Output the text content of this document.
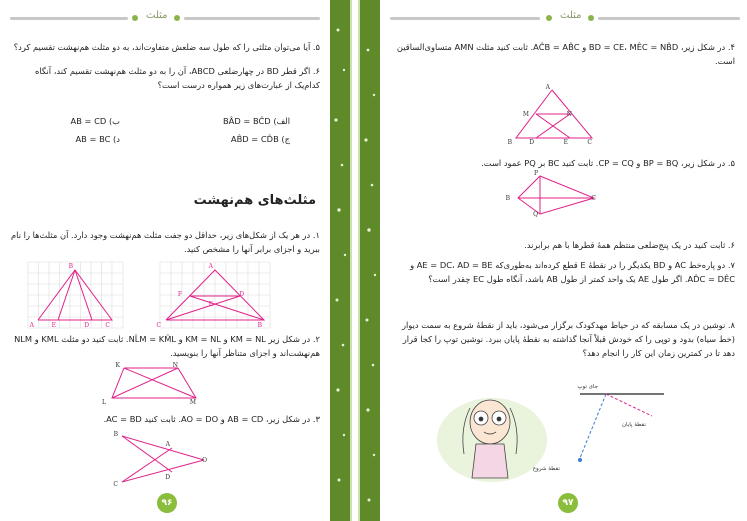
مثلث
۵. آیا می‌توان مثلثی را که طول سه ضلعش متفاوت‌اند، به دو مثلث هم‌نهشت تقسیم کرد؟
۶. اگر قطر BD در چهارضلعی ABCD، آن را به دو مثلث هم‌نهشت تقسیم کند، آنگاه کدام‌یک از عبارت‌های زیر همواره درست است؟
الف) BÂD = BĈD
ب) AB = CD
ج) AB̂D = CD̂B
د) AB = BC
مثلث‌های هم‌نهشت
۱. در هر یک از شکل‌های زیر، حداقل دو جفت مثلث هم‌نهشت وجود دارد. آن مثلث‌ها را نام ببرید و اجزای برابر آنها را مشخص کنید.
B
A	E	D	C
A
F	D
C
E
B
۲. در شکل زیر KM = NL و KM = NL و NL̂M = KM̂L. ثابت کنید دو مثلث KML و NLM هم‌نهشت‌اند و اجزای متناظر آنها را بنویسید.
K	N
L	M
۳. در شکل زیر، AB = CD و AO = DO. ثابت کنید AC = BD.
B
A
O
D
C
۹۶
مثلث
۴. در شکل زیر، BD = CE، MÊC = NB̂D و AĈB = AB̂C. ثابت کنید مثلث AMN متساوی‌الساقین است.
A
M	N
B	D	E	C
۵. در شکل زیر، BP = BQ و CP = CQ. ثابت کنید BC بر PQ عمود است.
P
B	C
Q
۶. ثابت کنید در یک پنج‌ضلعی منتظم همهٔ قطرها با هم برابرند.
۷. دو پاره‌خط AC و BD یکدیگر را در نقطهٔ E قطع کرده‌اند به‌طوری‌که AE = DC، AD = BE و AD̂C = DÊC. اگر طول AE یک واحد کمتر از طول AB باشد، آنگاه طول EC چقدر است؟
۸. نوشین در یک مسابقه که در حیاط مهدکودک برگزار می‌شود، باید از نقطهٔ شروع به سمت دیوار (خط سیاه) بدود و توپی را که خودش قبلاً آنجا گذاشته به نقطهٔ پایان ببرد. نوشین توپ را کجا قرار دهد تا در کمترین زمان این کار را انجام دهد؟
جای توپ
نقطهٔ پایان
نقطهٔ شروع
۹۷
